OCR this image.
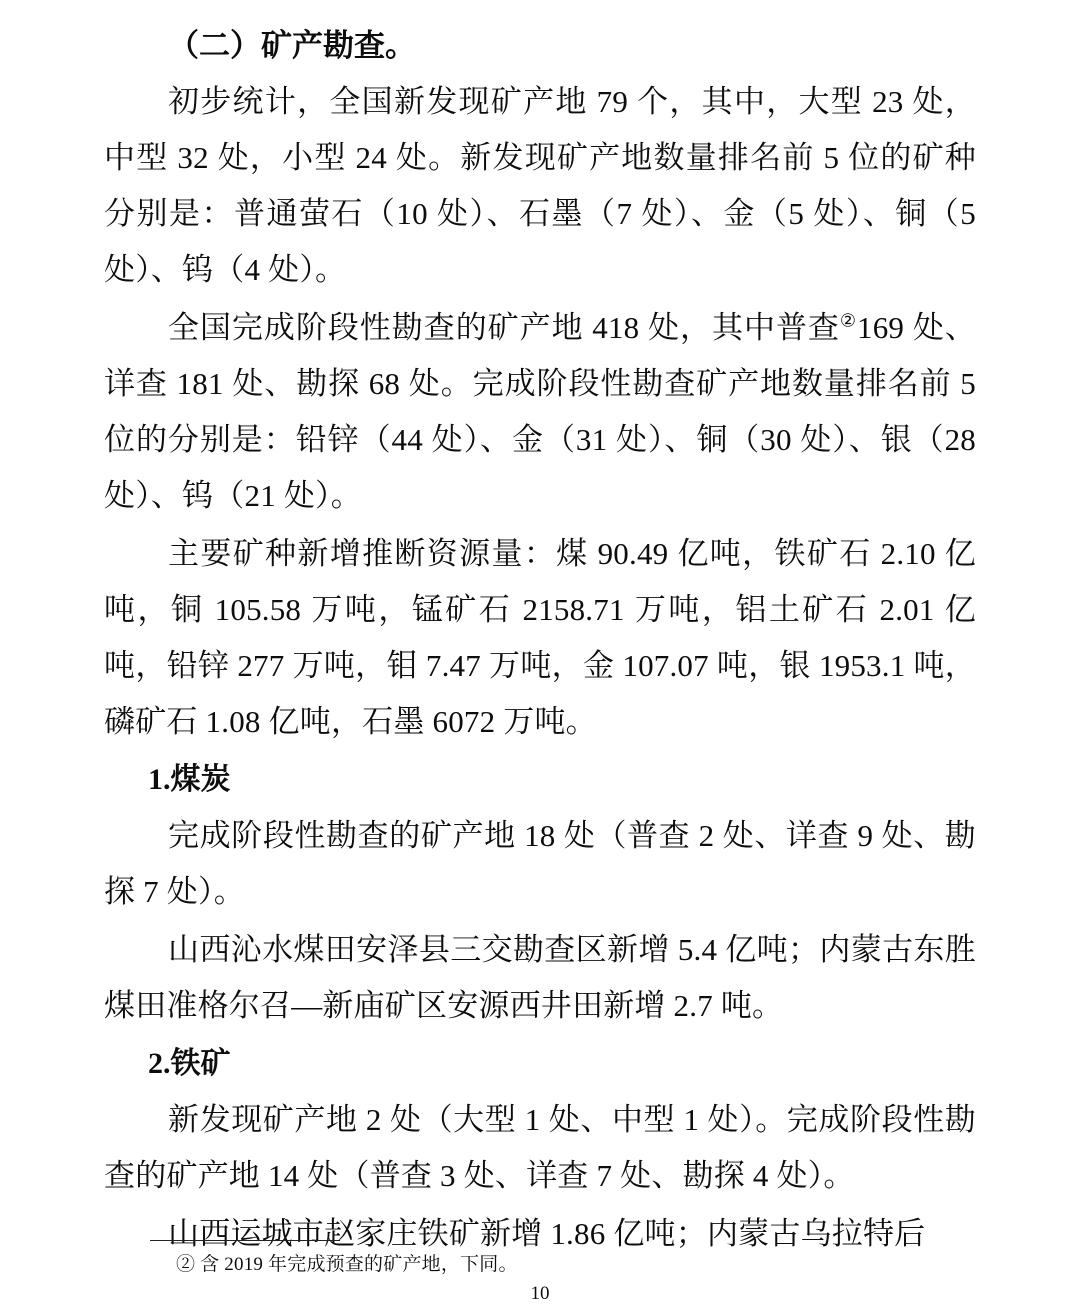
（二）矿产勘查。

初步统计，全国新发现矿产地 79 个，其中，大型 23 处，中型 32 处，小型 24 处。新发现矿产地数量排名前 5 位的矿种分别是：普通萤石（10 处）、石墨（7 处）、金（5 处）、铜（5 处）、钨（4 处）。

全国完成阶段性勘查的矿产地 418 处，其中普查②169 处、详查 181 处、勘探 68 处。完成阶段性勘查矿产地数量排名前 5 位的分别是：铅锌（44 处）、金（31 处）、铜（30 处）、银（28 处）、钨（21 处）。

主要矿种新增推断资源量：煤 90.49 亿吨，铁矿石 2.10 亿吨，铜 105.58 万吨，锰矿石 2158.71 万吨，铝土矿石 2.01 亿吨，铅锌 277 万吨，钼 7.47 万吨，金 107.07 吨，银 1953.1 吨，磷矿石 1.08 亿吨，石墨 6072 万吨。

1.煤炭

完成阶段性勘查的矿产地 18 处（普查 2 处、详查 9 处、勘探 7 处）。

山西沁水煤田安泽县三交勘查区新增 5.4 亿吨；内蒙古东胜煤田准格尔召—新庙矿区安源西井田新增 2.7 吨。

2.铁矿

新发现矿产地 2 处（大型 1 处、中型 1 处）。完成阶段性勘查的矿产地 14 处（普查 3 处、详查 7 处、勘探 4 处）。

山西运城市赵家庄铁矿新增 1.86 亿吨；内蒙古乌拉特后

② 含 2019 年完成预查的矿产地，下同。
10
